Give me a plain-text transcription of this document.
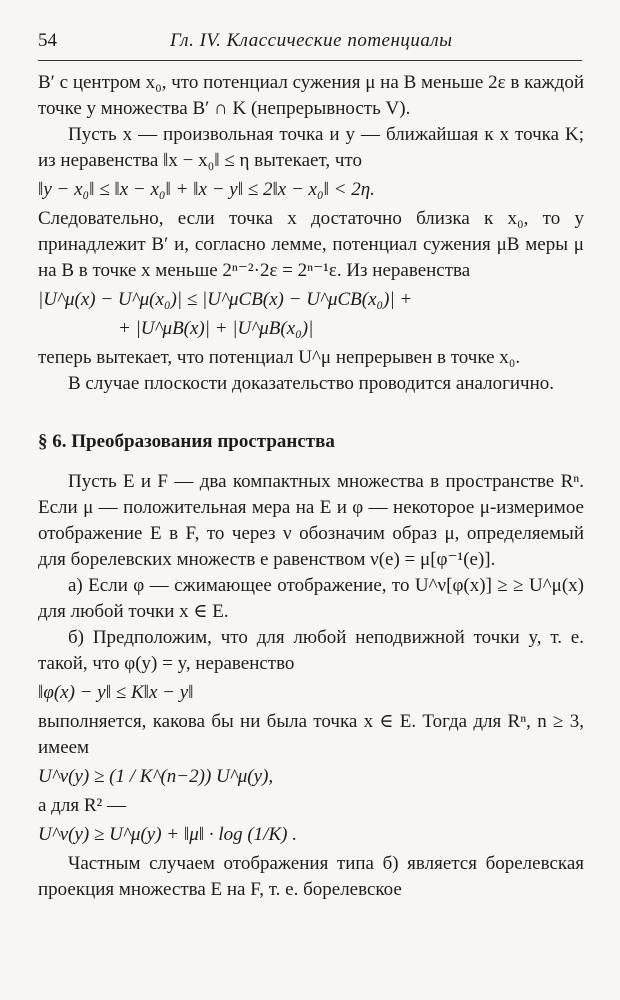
54	Гл. IV. Классические потенциалы

B′ с центром x₀, что потенциал сужения μ на B меньше 2ε в каждой точке y множества B′ ∩ K (непрерывность V).

Пусть x — произвольная точка и y — ближайшая к x точка K; из неравенства ‖x − x₀‖ ≤ η вытекает, что

‖y − x₀‖ ≤ ‖x − x₀‖ + ‖x − y‖ ≤ 2‖x − x₀‖ < 2η.

Следовательно, если точка x достаточно близка к x₀, то y принадлежит B′ и, согласно лемме, потенциал сужения μB меры μ на B в точке x меньше 2ⁿ⁻²·2ε = 2ⁿ⁻¹ε. Из неравенства

|U^μ(x) − U^μ(x₀)| ≤ |U^μCB(x) − U^μCB(x₀)| +

+ |U^μB(x)| + |U^μB(x₀)|

теперь вытекает, что потенциал U^μ непрерывен в точке x₀.

В случае плоскости доказательство проводится аналогично.

§ 6. Преобразования пространства

Пусть E и F — два компактных множества в пространстве Rⁿ. Если μ — положительная мера на E и φ — некоторое μ-измеримое отображение E в F, то через ν обозначим образ μ, определяемый для борелевских множеств e равенством ν(e) = μ[φ⁻¹(e)].

а) Если φ — сжимающее отображение, то U^ν[φ(x)] ≥ ≥ U^μ(x) для любой точки x ∈ E.

б) Предположим, что для любой неподвижной точки y, т. е. такой, что φ(y) = y, неравенство

‖φ(x) − y‖ ≤ K‖x − y‖

выполняется, какова бы ни была точка x ∈ E. Тогда для Rⁿ, n ≥ 3, имеем

U^ν(y) ≥ (1 / K^(n−2)) U^μ(y),

а для R² —

U^ν(y) ≥ U^μ(y) + ‖μ‖ · log (1/K) .

Частным случаем отображения типа б) является борелевская проекция множества E на F, т. е. борелевское
